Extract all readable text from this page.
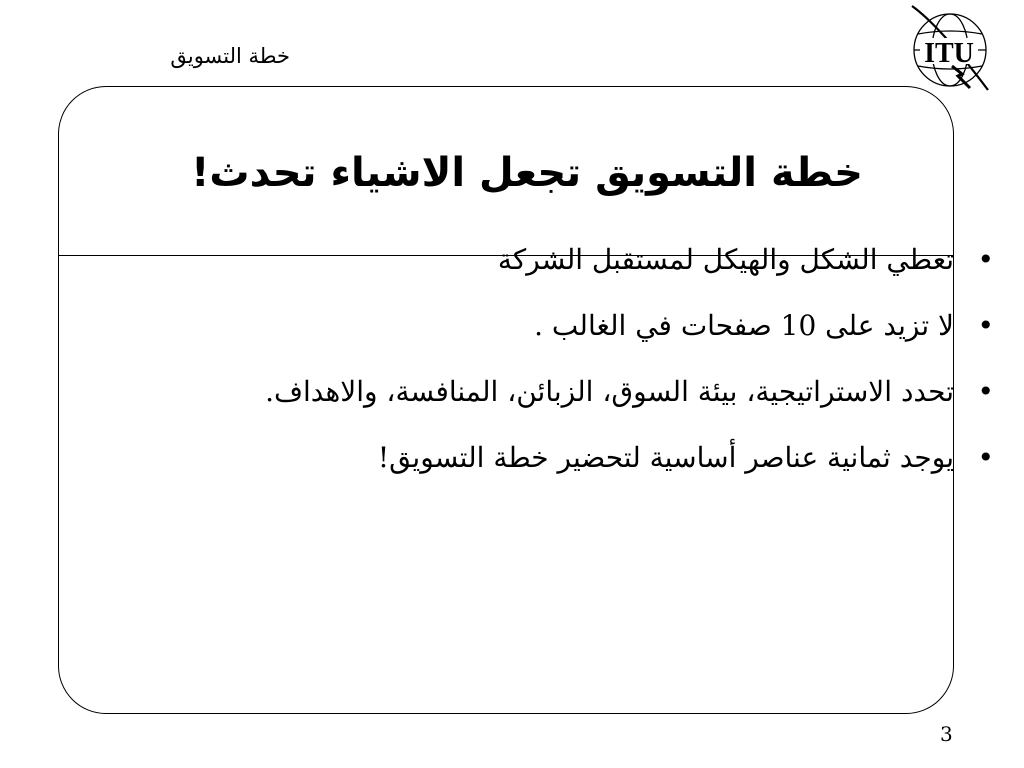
خطة التسويق	ITU
خطة التسويق تجعل الاشياء تحدث!
•
تعطي الشكل والهيكل لمستقبل الشركة
•
لا تزيد على 10 صفحات في الغالب .
•
تحدد الاستراتيجية، بيئة السوق، الزبائن، المنافسة، والاهداف.
•
يوجد ثمانية عناصر أساسية لتحضير خطة التسويق!
3
